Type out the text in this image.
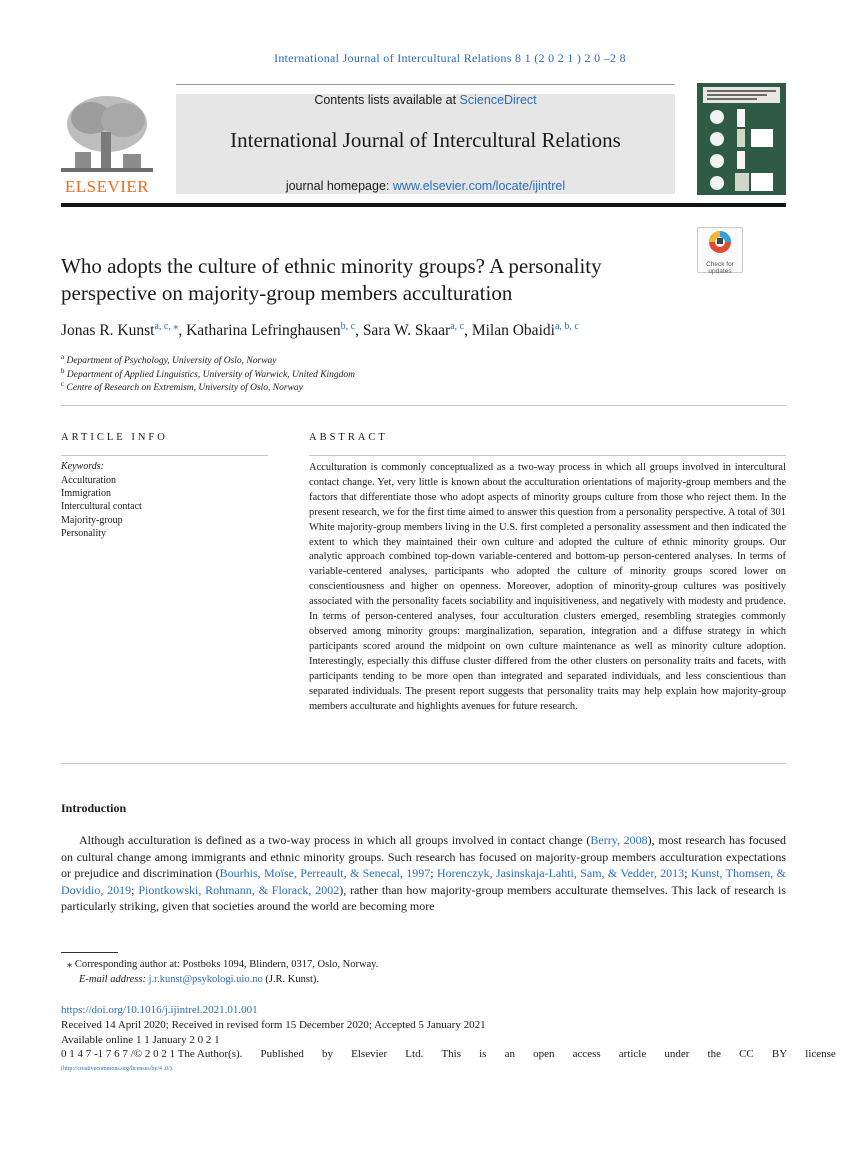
International Journal of Intercultural Relations 8 1 (2 0 2 1 ) 2 0 –2 8
ELSEVIER
Contents lists available at ScienceDirect
International Journal of Intercultural Relations
journal homepage: www.elsevier.com/locate/ijintrel
Who adopts the culture of ethnic minority groups? A personality perspective on majority-group members acculturation
Check for updates
Jonas R. Kunst$^{a, c, ⁎}$, Katharina Lefringhausen$^{b, c}$, Sara W. Skaar$^{a, c}$, Milan Obaidi$^{a, b, c}$
$^a$ Department of Psychology, University of Oslo, Norway
$^b$ Department of Applied Linguistics, University of Warwick, United Kingdom
$^c$ Centre of Research on Extremism, University of Oslo, Norway
ARTICLE INFO
Keywords:
Acculturation
Immigration
Intercultural contact
Majority-group
Personality
ABSTRACT
Acculturation is commonly conceptualized as a two-way process in which all groups involved in intercultural contact change. Yet, very little is known about the acculturation orientations of majority-group members and the factors that differentiate those who adopt aspects of minority groups culture from those who reject them. In the present research, we for the first time aimed to answer this question from a personality perspective. A total of 301 White majority-group members living in the U.S. first completed a personality assessment and then indicated the extent to which they maintained their own culture and adopted the culture of ethnic minority groups. Our analytic approach combined top-down variable-centered and bottom-up person-centered analyses. In terms of variable-centered analyses, participants who adopted the culture of minority groups scored lower on conscientiousness and higher on openness. Moreover, adoption of minority-group cultures was positively associated with the personality facets sociability and inquisitiveness, and negatively with modesty and prudence. In terms of person-centered analyses, four acculturation clusters emerged, resembling strategies commonly observed among minority groups: marginalization, separation, integration and a diffuse strategy in which participants scored around the midpoint on own culture maintenance as well as minority culture adoption. Interestingly, especially this diffuse cluster differed from the other clusters on personality traits and facets, with participants tending to be more open than integrated and separated individuals, and less conscientious than separated individuals. The present report suggests that personality traits may help explain how majority-group members acculturate and highlights avenues for future research.
Introduction

Although acculturation is defined as a two-way process in which all groups involved in contact change (Berry, 2008), most research has focused on cultural change among immigrants and ethnic minority groups. Such research has focused on majority-group members acculturation expectations or prejudice and discrimination (Bourhis, Moïse, Perreault, & Senecal, 1997; Horenczyk, Jasinskaja-Lahti, Sam, & Vedder, 2013; Kunst, Thomsen, & Dovidio, 2019; Piontkowski, Rohmann, & Florack, 2002), rather than how majority-group members acculturate themselves. This lack of research is particularly striking, given that societies around the world are becoming more

⁎ Corresponding author at: Postboks 1094, Blindern, 0317, Oslo, Norway.
E-mail address: j.r.kunst@psykologi.uio.no (J.R. Kunst).
https://doi.org/10.1016/j.ijintrel.2021.01.001
Received 14 April 2020; Received in revised form 15 December 2020; Accepted 5 January 2021
Available online 1 1 January 2 0 2 1
0 1 4 7 -1 7 6 7 /© 2 0 2 1 The Author(s). Published by Elsevier Ltd. This is an open access article under the CC BY license
(http://creativecommons.org/licenses/by/4 .0/).
